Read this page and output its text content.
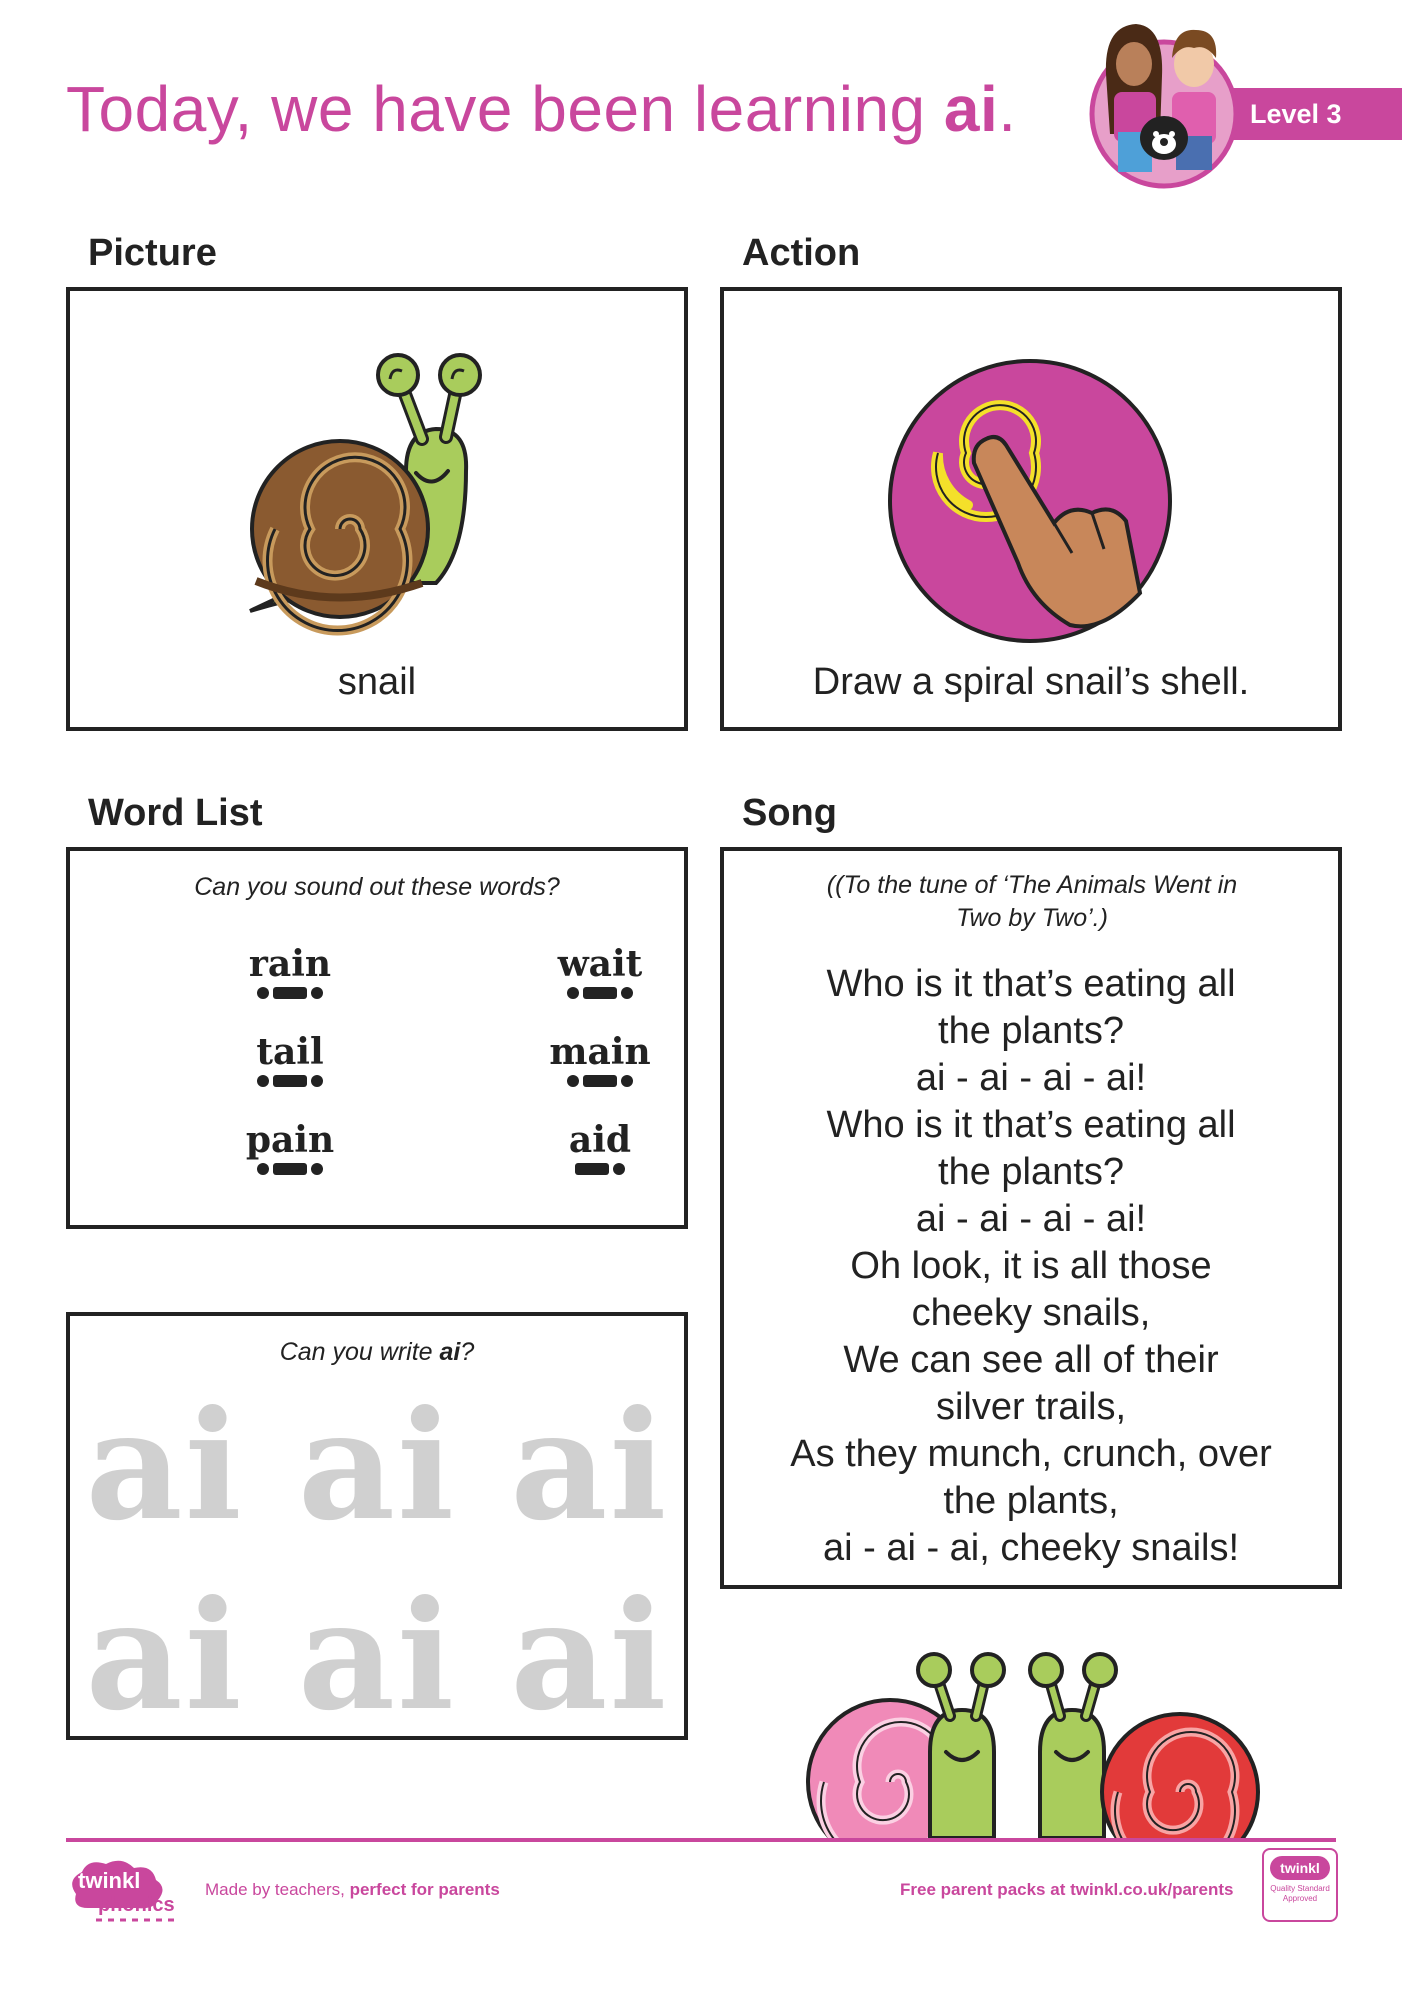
Today, we have been learning ai.	Level 3
Picture
snail
Action
Draw a spiral snail’s shell.
Word List
Can you sound out these words?
rain	wait
tail	main
pain	aid
Can you write ai?
ai ai ai
ai ai ai
Song
((To the tune of ‘The Animals Went in Two by Two’.)
Who is it that’s eating all
the plants?
ai - ai - ai - ai!
Who is it that’s eating all
the plants?
ai - ai - ai - ai!
Oh look, it is all those
cheeky snails,
We can see all of their
silver trails,
As they munch, crunch, over
the plants,
ai - ai - ai, cheeky snails!
twinkl
phonics
Made by teachers, perfect for parents	Free parent packs at twinkl.co.uk/parents
twinkl
Quality Standard Approved
